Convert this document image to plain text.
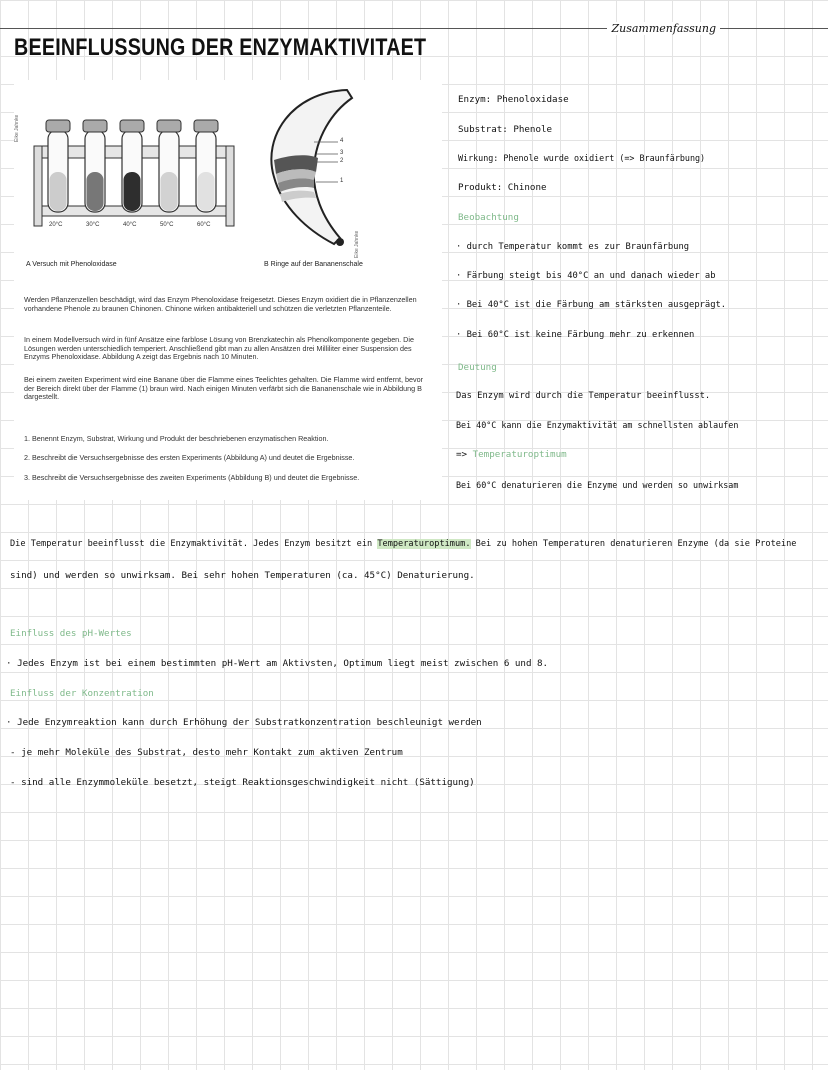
Zusammenfassung
BEEINFLUSSUNG DER ENZYMAKTIVITAET
Eike Jahnke
20°C	30°C	40°C	50°C	60°C
4
3
2
1
Eike Jahnke
A Versuch mit Phenoloxidase	B Ringe auf der Bananenschale
Werden Pflanzenzellen beschädigt, wird das Enzym Phenoloxidase freigesetzt. Dieses Enzym oxidiert die in Pflanzenzellen vorhandene Phenole zu braunen Chinonen. Chinone wirken antibakteriell und schützen die verletzten Pflanzenteile.
In einem Modellversuch wird in fünf Ansätze eine farblose Lösung von Brenzkatechin als Phenolkomponente gegeben. Die Lösungen werden unterschiedlich temperiert. Anschließend gibt man zu allen Ansätzen drei Milliliter einer Suspension des Enzyms Phenoloxidase. Abbildung A zeigt das Ergebnis nach 10 Minuten.
Bei einem zweiten Experiment wird eine Banane über die Flamme eines Teelichtes gehalten. Die Flamme wird entfernt, bevor der Bereich direkt über der Flamme (1) braun wird. Nach einigen Minuten verfärbt sich die Bananenschale wie in Abbildung B dargestellt.
1. Benennt Enzym, Substrat, Wirkung und Produkt der beschriebenen enzymatischen Reaktion.
2. Beschreibt die Versuchsergebnisse des ersten Experiments (Abbildung A) und deutet die Ergebnisse.
3. Beschreibt die Versuchsergebnisse des zweiten Experiments (Abbildung B) und deutet die Ergebnisse.
Enzym: Phenoloxidase
Substrat: Phenole
Wirkung: Phenole wurde oxidiert (=> Braunfärbung)
Produkt: Chinone
Beobachtung
· durch Temperatur kommt es zur Braunfärbung
· Färbung steigt bis 40°C an und danach wieder ab
· Bei 40°C ist die Färbung am stärksten ausgeprägt.
· Bei 60°C ist keine Färbung mehr zu erkennen
Deutung
Das Enzym wird durch die Temperatur beeinflusst.
Bei 40°C kann die Enzymaktivität am schnellsten ablaufen
=> Temperaturoptimum
Bei 60°C denaturieren die Enzyme und werden so unwirksam
Die Temperatur beeinflusst die Enzymaktivität. Jedes Enzym besitzt ein Temperaturoptimum. Bei zu hohen Temperaturen denaturieren Enzyme (da sie Proteine
sind) und werden so unwirksam. Bei sehr hohen Temperaturen (ca. 45°C) Denaturierung.
Einfluss des pH-Wertes
· Jedes Enzym ist bei einem bestimmten pH-Wert am Aktivsten, Optimum liegt meist zwischen 6 und 8.
Einfluss der Konzentration
· Jede Enzymreaktion kann durch Erhöhung der Substratkonzentration beschleunigt werden
- je mehr Moleküle des Substrat, desto mehr Kontakt zum aktiven Zentrum
- sind alle Enzymmoleküle besetzt, steigt Reaktionsgeschwindigkeit nicht (Sättigung)
